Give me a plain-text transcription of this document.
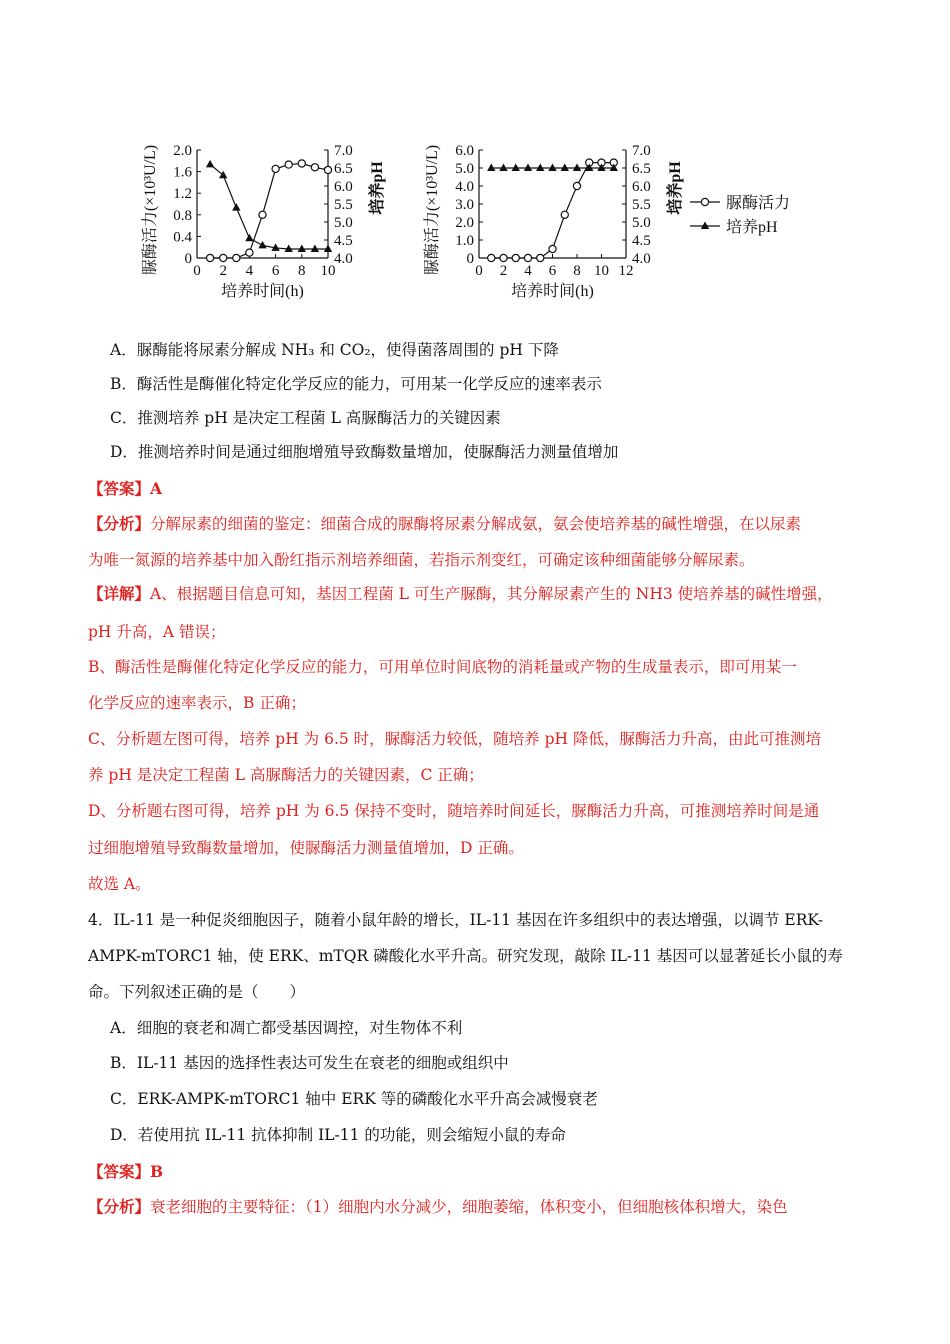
0 2 4 6 8 10
0
0.4
0.8
1.2
1.6
2.0
4.0
4.5
5.0
5.5
6.0
6.5
7.0
培养时间(h)
脲酶活力(×10³U/L)	培养pH
0 2 4 6 8 10 12
0
1.0
2.0
3.0
4.0
5.0
6.0
4.0
4.5
5.0
5.5
6.0
6.5
7.0
培养时间(h)
脲酶活力(×10³U/L)	培养pH	脲酶活力
培养pH
A．脲酶能将尿素分解成 NH₃ 和 CO₂，使得菌落周围的 pH 下降
B．酶活性是酶催化特定化学反应的能力，可用某一化学反应的速率表示
C．推测培养 pH 是决定工程菌 L 高脲酶活力的关键因素
D．推测培养时间是通过细胞增殖导致酶数量增加，使脲酶活力测量值增加
【答案】A
【分析】分解尿素的细菌的鉴定：细菌合成的脲酶将尿素分解成氨，氨会使培养基的碱性增强，在以尿素
为唯一氮源的培养基中加入酚红指示剂培养细菌，若指示剂变红，可确定该种细菌能够分解尿素。
【详解】A、根据题目信息可知，基因工程菌 L 可生产脲酶，其分解尿素产生的 NH3 使培养基的碱性增强，
pH 升高，A 错误；
B、酶活性是酶催化特定化学反应的能力，可用单位时间底物的消耗量或产物的生成量表示，即可用某一
化学反应的速率表示，B 正确；
C、分析题左图可得，培养 pH 为 6.5 时，脲酶活力较低，随培养 pH 降低，脲酶活力升高，由此可推测培
养 pH 是决定工程菌 L 高脲酶活力的关键因素，C 正确；
D、分析题右图可得，培养 pH 为 6.5 保持不变时，随培养时间延长，脲酶活力升高，可推测培养时间是通
过细胞增殖导致酶数量增加，使脲酶活力测量值增加，D 正确。
故选 A。
4．IL-11 是一种促炎细胞因子，随着小鼠年龄的增长，IL-11 基因在许多组织中的表达增强，以调节 ERK-
AMPK-mTORC1 轴，使 ERK、mTQR 磷酸化水平升高。研究发现，敲除 IL-11 基因可以显著延长小鼠的寿
命。下列叙述正确的是（　　）
A．细胞的衰老和凋亡都受基因调控，对生物体不利
B．IL-11 基因的选择性表达可发生在衰老的细胞或组织中
C．ERK-AMPK-mTORC1 轴中 ERK 等的磷酸化水平升高会减慢衰老
D．若使用抗 IL-11 抗体抑制 IL-11 的功能，则会缩短小鼠的寿命
【答案】B
【分析】衰老细胞的主要特征：（1）细胞内水分减少，细胞萎缩，体积变小，但细胞核体积增大，染色
